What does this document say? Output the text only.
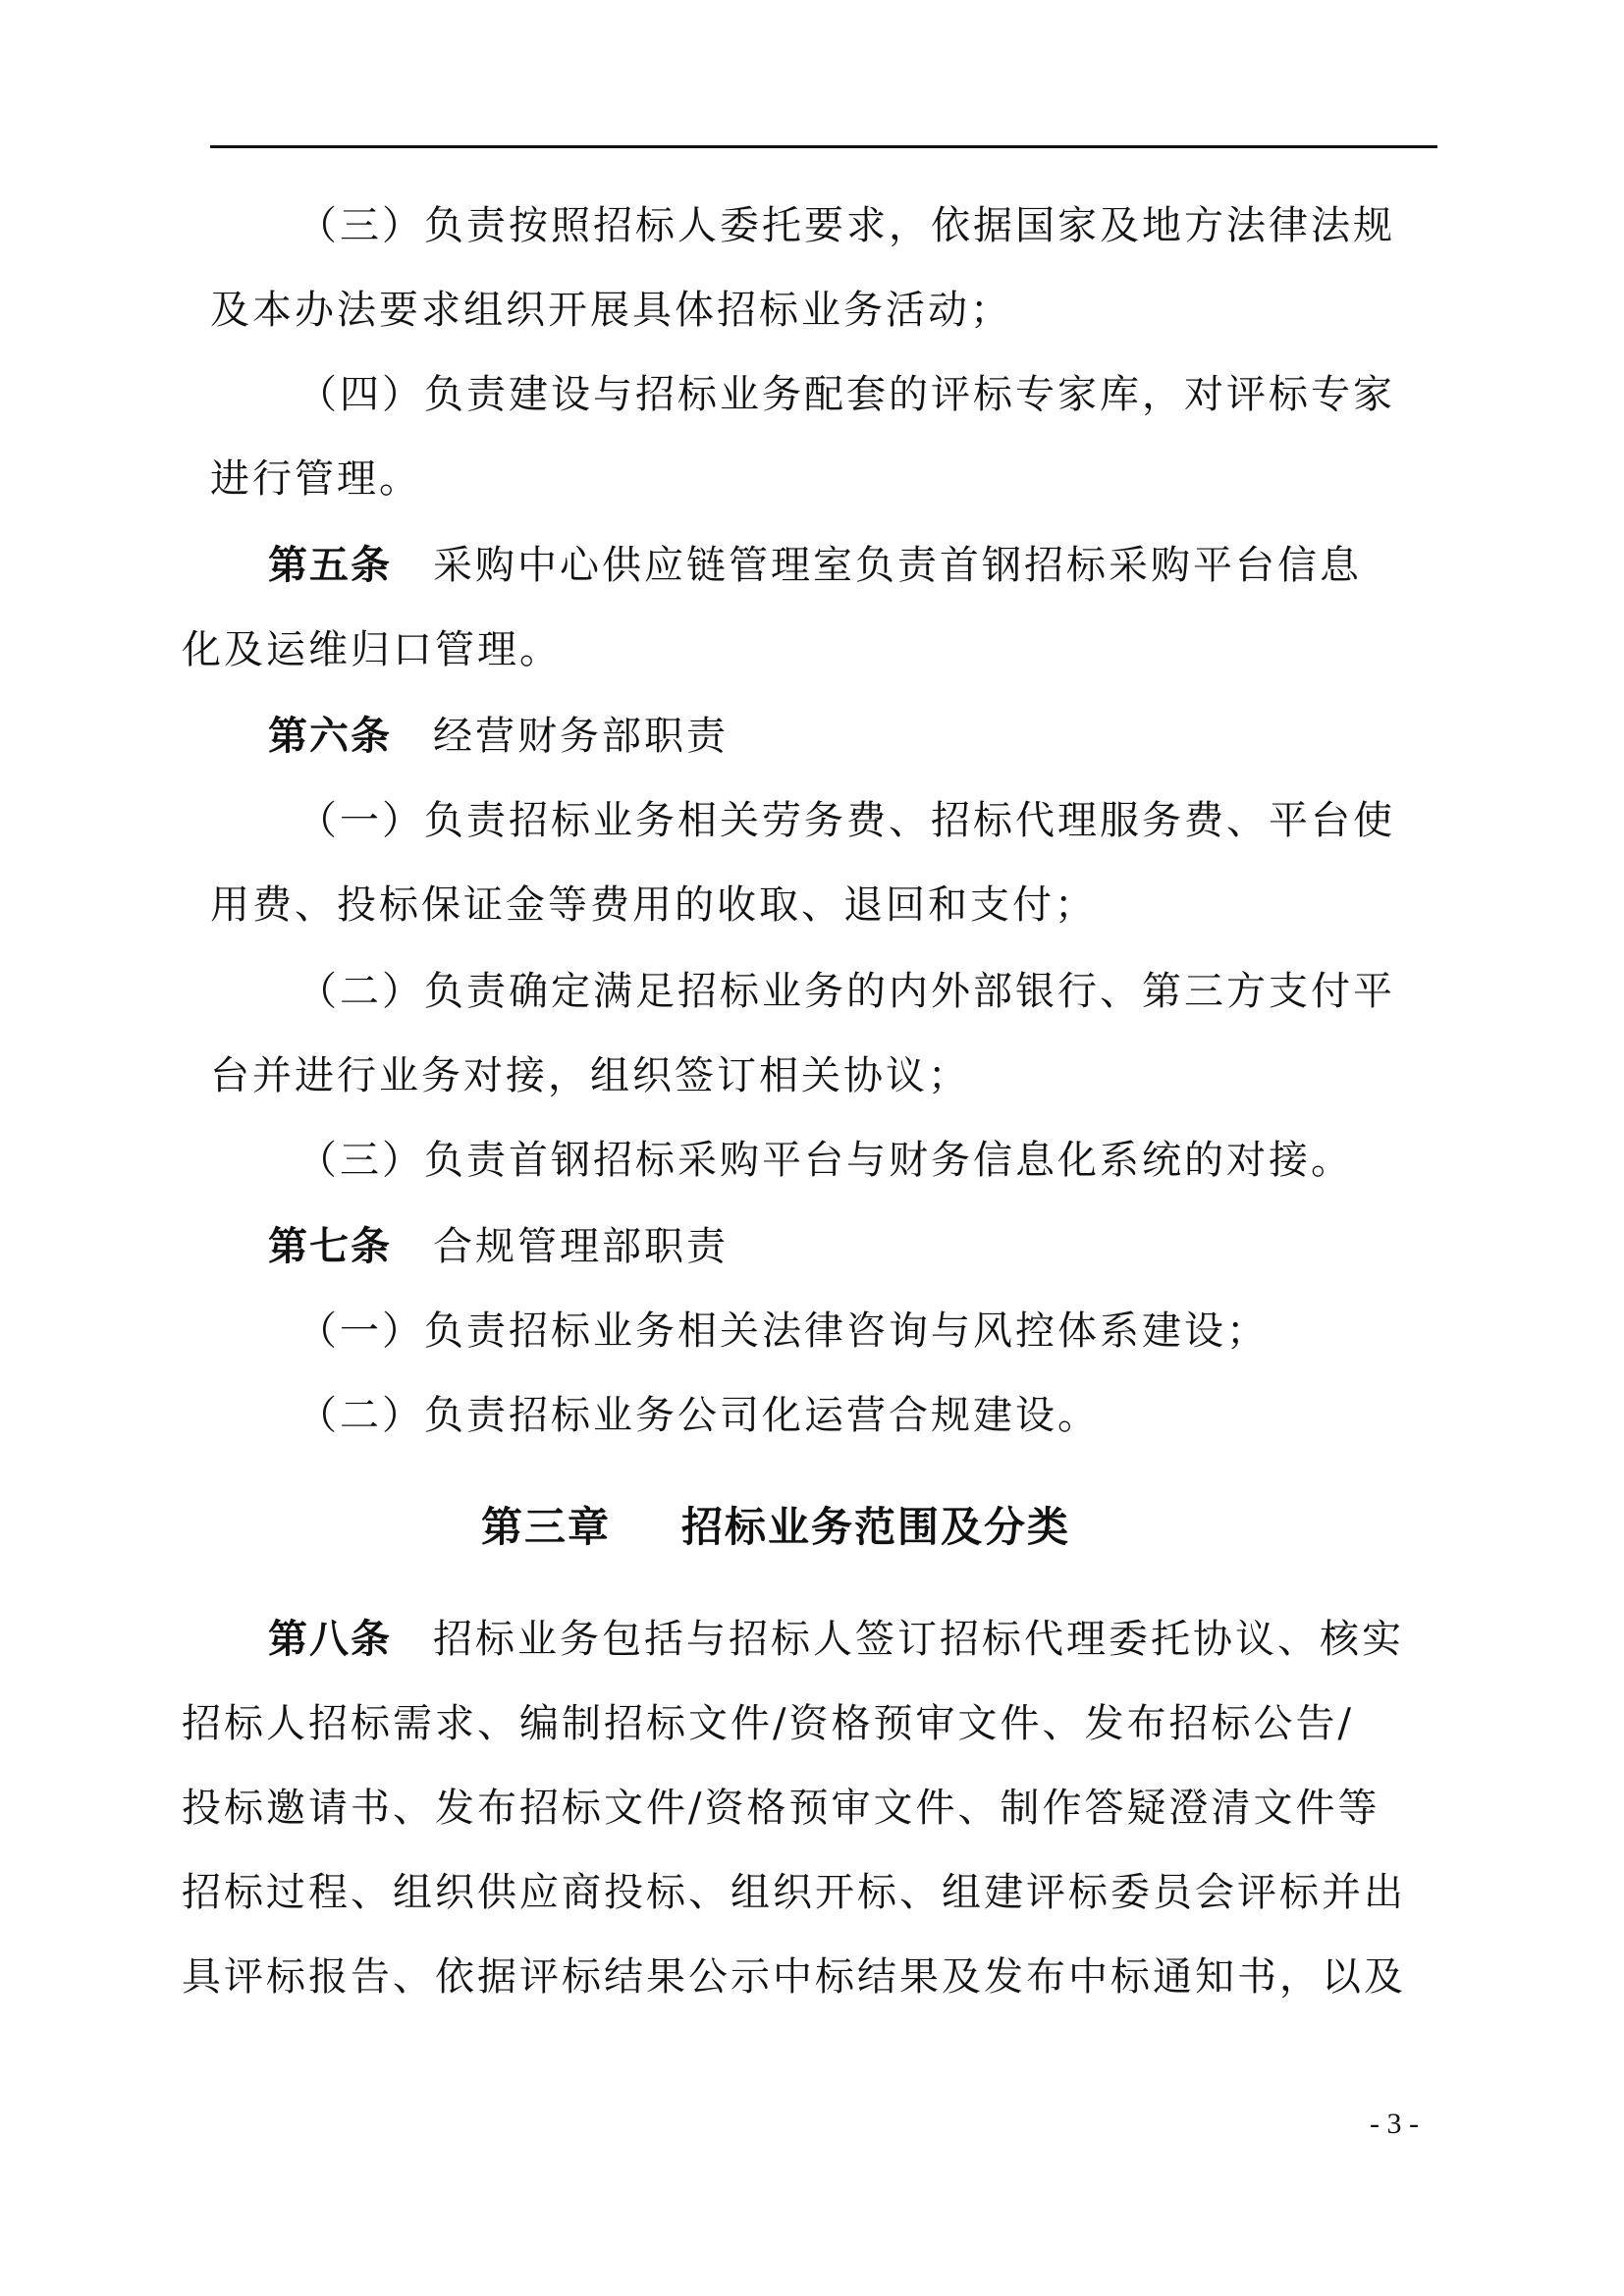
（三）负责按照招标人委托要求，依据国家及地方法律法规
及本办法要求组织开展具体招标业务活动；
（四）负责建设与招标业务配套的评标专家库，对评标专家
进行管理。
第五条 采购中心供应链管理室负责首钢招标采购平台信息
化及运维归口管理。
第六条 经营财务部职责
（一）负责招标业务相关劳务费、招标代理服务费、平台使
用费、投标保证金等费用的收取、退回和支付；
（二）负责确定满足招标业务的内外部银行、第三方支付平
台并进行业务对接，组织签订相关协议；
（三）负责首钢招标采购平台与财务信息化系统的对接。
第七条 合规管理部职责
（一）负责招标业务相关法律咨询与风控体系建设；
（二）负责招标业务公司化运营合规建设。
第三章 招标业务范围及分类
第八条 招标业务包括与招标人签订招标代理委托协议、核实
招标人招标需求、编制招标文件/资格预审文件、发布招标公告/
投标邀请书、发布招标文件/资格预审文件、制作答疑澄清文件等
招标过程、组织供应商投标、组织开标、组建评标委员会评标并出
具评标报告、依据评标结果公示中标结果及发布中标通知书，以及
- 3 -
